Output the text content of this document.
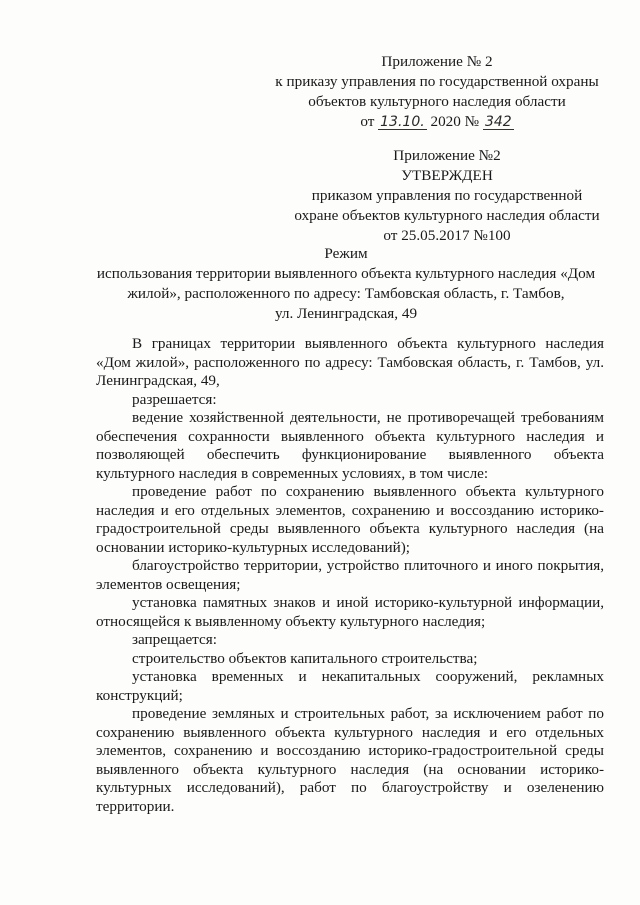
Приложение № 2
к приказу управления по государственной охраны
объектов культурного наследия области
от 13.10. 2020 № 342
Приложение №2
УТВЕРЖДЕН
приказом управления по государственной
охране объектов культурного наследия области
от 25.05.2017 №100
Режим
использования территории выявленного объекта культурного наследия «Дом
жилой», расположенного по адресу: Тамбовская область, г. Тамбов,
ул. Ленинградская, 49

В границах территории выявленного объекта культурного наследия «Дом жилой», расположенного по адресу: Тамбовская область, г. Тамбов, ул. Ленинградская, 49,

разрешается:

ведение хозяйственной деятельности, не противоречащей требованиям обеспечения сохранности выявленного объекта культурного наследия и позволяющей обеспечить функционирование выявленного объекта культурного наследия в современных условиях, в том числе:

проведение работ по сохранению выявленного объекта культурного наследия и его отдельных элементов, сохранению и воссозданию историко-градостроительной среды выявленного объекта культурного наследия (на основании историко-культурных исследований);

благоустройство территории, устройство плиточного и иного покрытия, элементов освещения;

установка памятных знаков и иной историко-культурной информации, относящейся к выявленному объекту культурного наследия;

запрещается:

строительство объектов капитального строительства;

установка временных и некапитальных сооружений, рекламных конструкций;

проведение земляных и строительных работ, за исключением работ по сохранению выявленного объекта культурного наследия и его отдельных элементов, сохранению и воссозданию историко-градостроительной среды выявленного объекта культурного наследия (на основании историко-культурных исследований), работ по благоустройству и озеленению территории.
